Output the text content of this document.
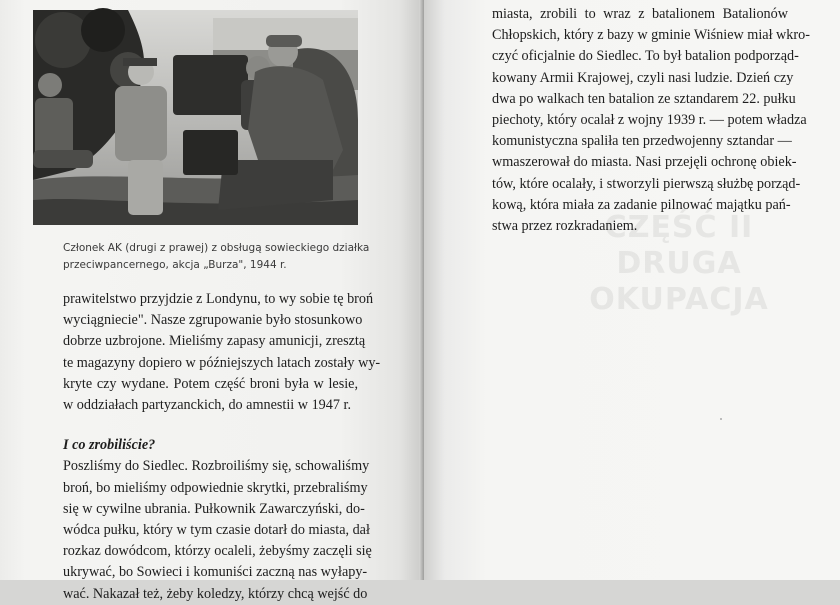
Członek AK (drugi z prawej) z obsługą sowieckiego działka
przeciwpancernego, akcja „Burza", 1944 r.
prawitelstwo przyjdzie z Londynu, to wy sobie tę broń
wyciągniecie". Nasze zgrupowanie było stosunkowo
dobrze uzbrojone. Mieliśmy zapasy amunicji, zresztą
te magazyny dopiero w późniejszych latach zostały wy-
kryte czy wydane. Potem część broni była w lesie,
w oddziałach partyzanckich, do amnestii w 1947 r.
I co zrobiliście?
Poszliśmy do Siedlec. Rozbroiliśmy się, schowaliśmy
broń, bo mieliśmy odpowiednie skrytki, przebraliśmy
się w cywilne ubrania. Pułkownik Zawarczyński, do-
wódca pułku, który w tym czasie dotarł do miasta, dał
rozkaz dowódcom, którzy ocaleli, żebyśmy zaczęli się
ukrywać, bo Sowieci i komuniści zaczną nas wyłapy-
wać. Nakazał też, żeby koledzy, którzy chcą wejść do
CZĘŚĆ II
DRUGA OKUPACJA
miasta, zrobili to wraz z batalionem Batalionów
Chłopskich, który z bazy w gminie Wiśniew miał wkro-
czyć oficjalnie do Siedlec. To był batalion podporząd-
kowany Armii Krajowej, czyli nasi ludzie. Dzień czy
dwa po walkach ten batalion ze sztandarem 22. pułku
piechoty, który ocalał z wojny 1939 r. — potem władza
komunistyczna spaliła ten przedwojenny sztandar —
wmaszerował do miasta. Nasi przejęli ochronę obiek-
tów, które ocalały, i stworzyli pierwszą służbę porząd-
kową, która miała za zadanie pilnować majątku pań-
stwa przez rozkradaniem.
